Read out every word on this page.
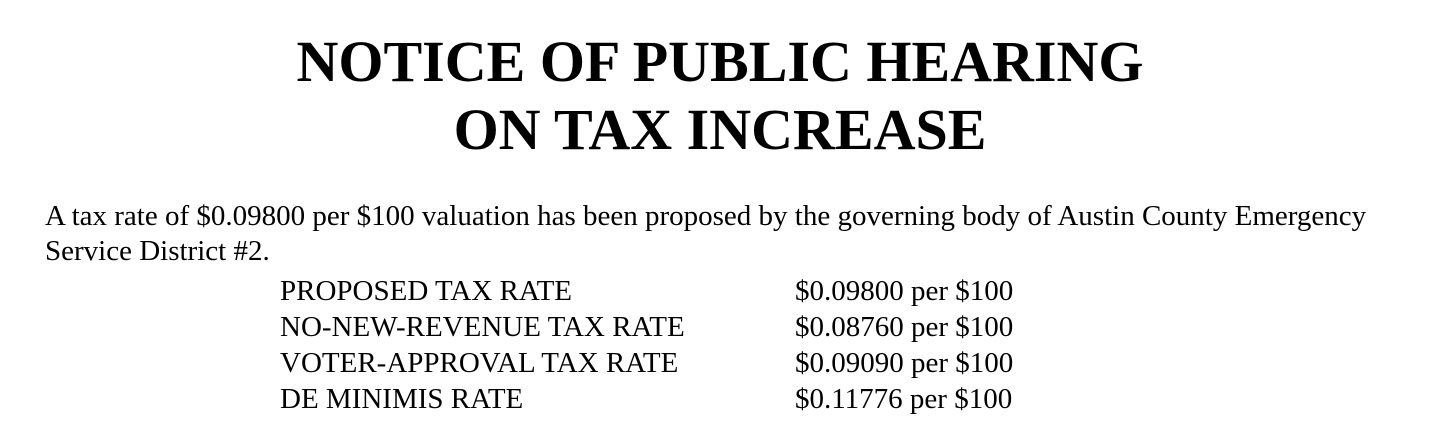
NOTICE OF PUBLIC HEARING
ON TAX INCREASE
A tax rate of $0.09800 per $100 valuation has been proposed by the governing body of Austin County Emergency Service District #2.
PROPOSED TAX RATE	$0.09800 per $100
NO-NEW-REVENUE TAX RATE	$0.08760 per $100
VOTER-APPROVAL TAX RATE	$0.09090 per $100
DE MINIMIS RATE	$0.11776 per $100
